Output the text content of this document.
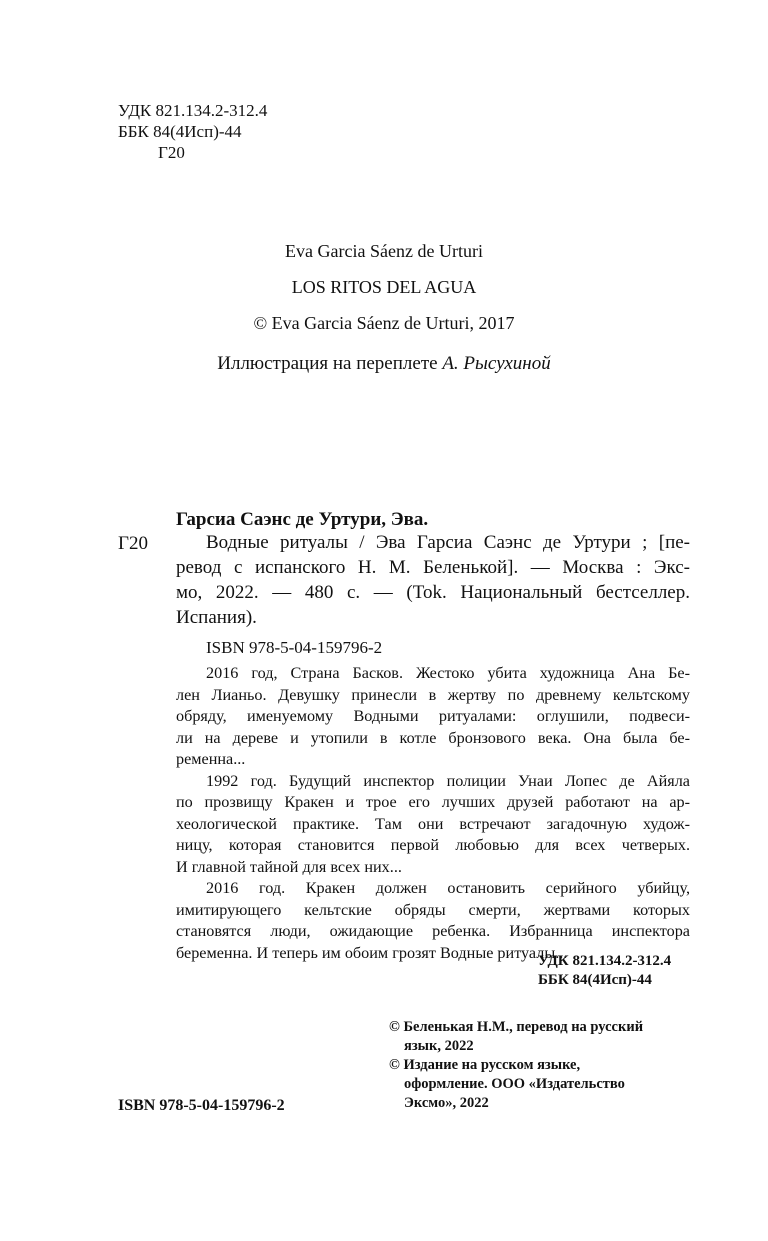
УДК 821.134.2-312.4
ББК 84(4Исп)-44
Г20
Eva Garcia Sáenz de Urturi
LOS RITOS DEL AGUA
© Eva Garcia Sáenz de Urturi, 2017
Иллюстрация на переплете А. Рысухиной
Гарсиа Саэнс де Уртури, Эва.
Г20	Водные ритуалы / Эва Гарсиа Саэнс де Уртури ; [пе-
ревод с испанского Н. М. Беленькой]. — Москва : Экс-
мо, 2022. — 480 с. — (Tok. Национальный бестселлер.
Испания).
ISBN 978-5-04-159796-2
2016 год, Страна Басков. Жестоко убита художница Ана Бе-
лен Лианьо. Девушку принесли в жертву по древнему кельтскому
обряду, именуемому Водными ритуалами: оглушили, подвеси-
ли на дереве и утопили в котле бронзового века. Она была бе-
ременна...
1992 год. Будущий инспектор полиции Унаи Лопес де Айяла
по прозвищу Кракен и трое его лучших друзей работают на ар-
хеологической практике. Там они встречают загадочную худож-
ницу, которая становится первой любовью для всех четверых.
И главной тайной для всех них...
2016 год. Кракен должен остановить серийного убийцу,
имитирующего кельтские обряды смерти, жертвами которых
становятся люди, ожидающие ребенка. Избранница инспектора
беременна. И теперь им обоим грозят Водные ритуалы...
УДК 821.134.2-312.4
ББК 84(4Исп)-44
© Беленькая Н.М., перевод на русский
язык, 2022
© Издание на русском языке,
оформление. ООО «Издательство
Эксмо», 2022
ISBN 978-5-04-159796-2
